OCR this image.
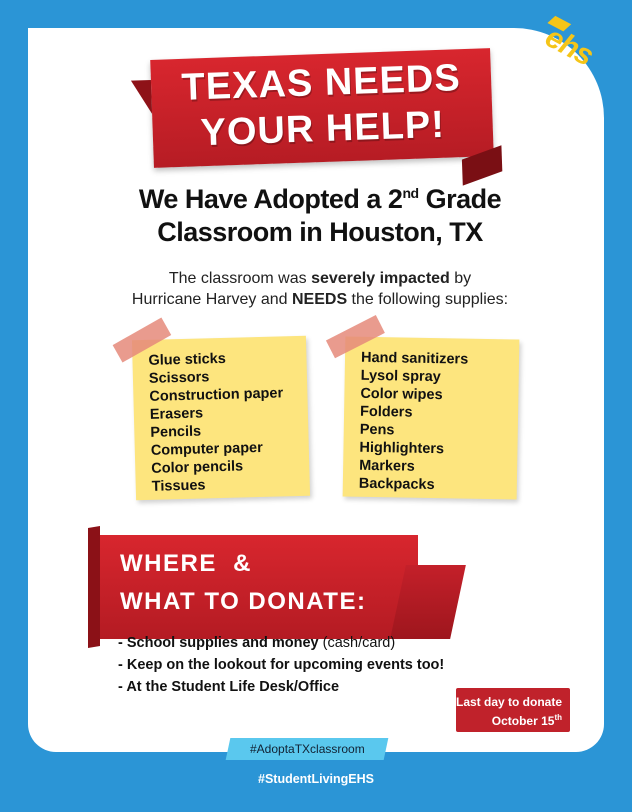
ehs
TEXAS NEEDS
YOUR HELP!
We Have Adopted a 2nd Grade
Classroom in Houston, TX
The classroom was severely impacted by
Hurricane Harvey and NEEDS the following supplies:
Glue sticks
Scissors
Construction paper
Erasers
Pencils
Computer paper
Color pencils
Tissues
Hand sanitizers
Lysol spray
Color wipes
Folders
Pens
Highlighters
Markers
Backpacks
WHERE  &
WHAT TO DONATE:
- School supplies and money (cash/card)
- Keep on the lookout for upcoming events too!
- At the Student Life Desk/Office
Last day to donate
October 15th
#AdoptaTXclassroom
#StudentLivingEHS
